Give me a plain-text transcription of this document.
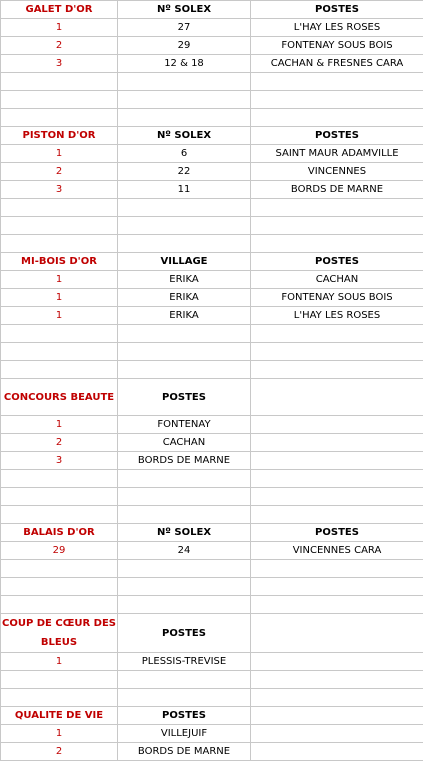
GALET D'OR	Nº SOLEX	POSTES
1	27	L'HAY LES ROSES
2	29	FONTENAY SOUS BOIS
3	12 & 18	CACHAN & FRESNES CARA

PISTON D'OR	Nº SOLEX	POSTES
1	6	SAINT MAUR ADAMVILLE
2	22	VINCENNES
3	11	BORDS DE MARNE

MI-BOIS D'OR	VILLAGE	POSTES
1	ERIKA	CACHAN
1	ERIKA	FONTENAY SOUS BOIS
1	ERIKA	L'HAY LES ROSES

CONCOURS BEAUTE	POSTES	
1	FONTENAY	
2	CACHAN	
3	BORDS DE MARNE	

BALAIS D'OR	Nº SOLEX	POSTES
29	24	VINCENNES CARA

COUP DE CŒUR DES BLEUS	POSTES	
1	PLESSIS-TREVISE	

QUALITE DE VIE	POSTES	
1	VILLEJUIF	
2	BORDS DE MARNE	
